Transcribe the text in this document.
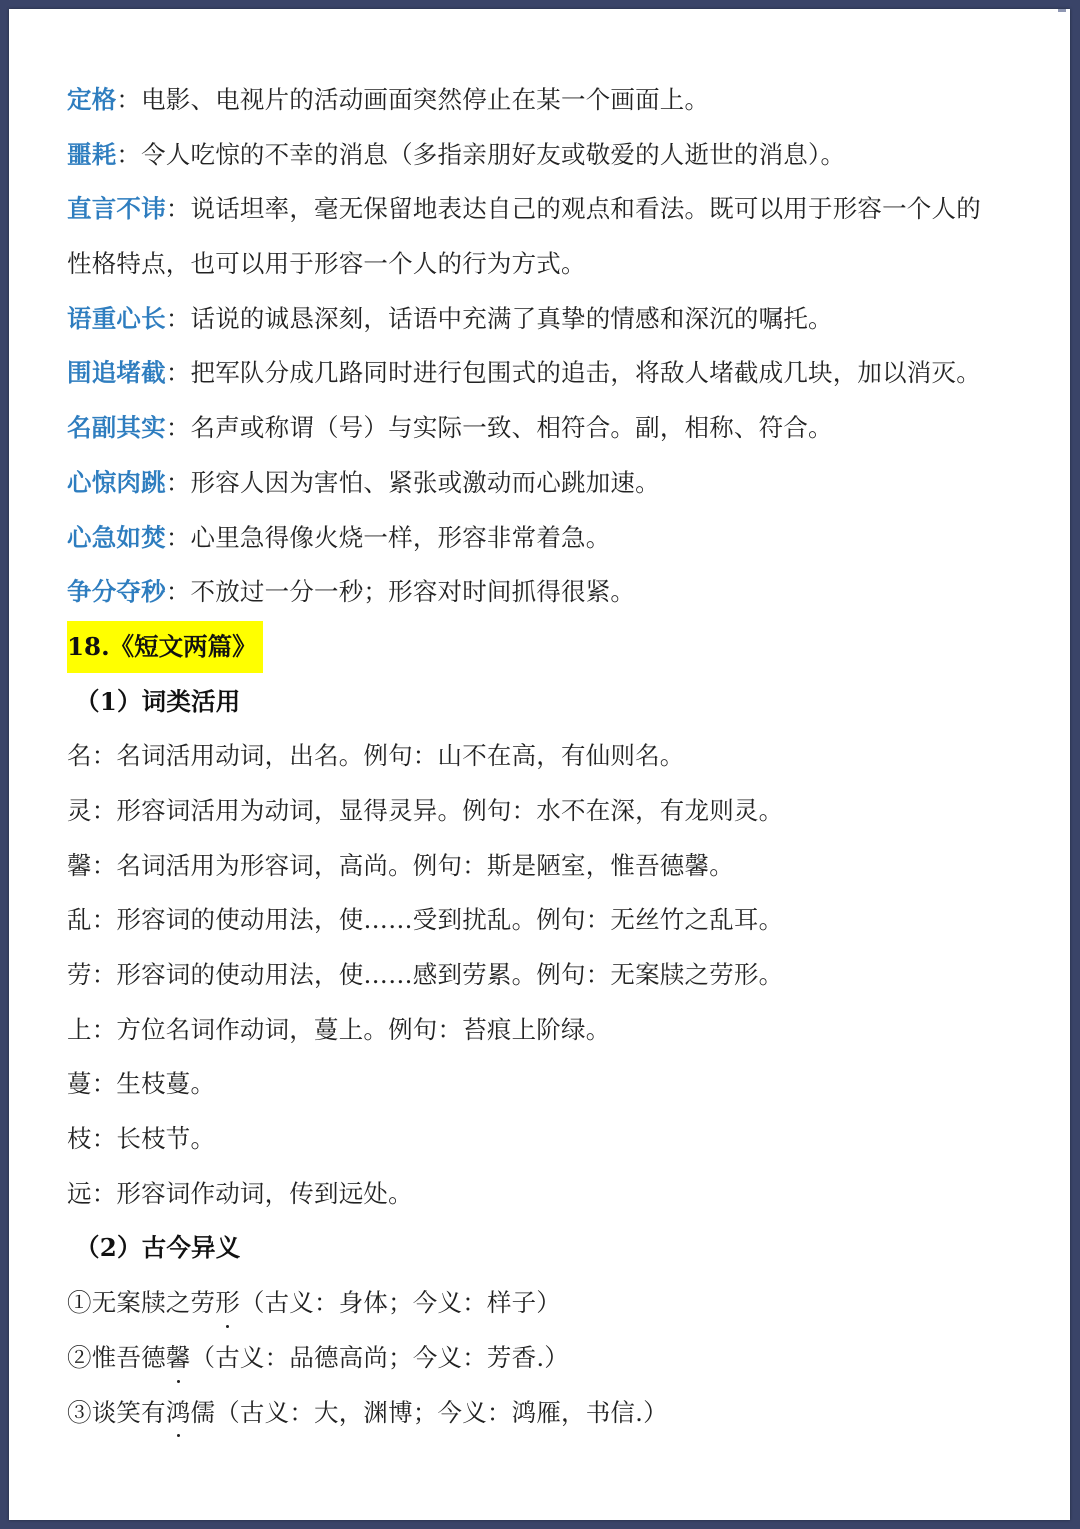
定格：电影、电视片的活动画面突然停止在某一个画面上。
噩耗：令人吃惊的不幸的消息（多指亲朋好友或敬爱的人逝世的消息）。
直言不讳：说话坦率，毫无保留地表达自己的观点和看法。既可以用于形容一个人的
性格特点，也可以用于形容一个人的行为方式。
语重心长：话说的诚恳深刻，话语中充满了真挚的情感和深沉的嘱托。
围追堵截：把军队分成几路同时进行包围式的追击，将敌人堵截成几块，加以消灭。
名副其实：名声或称谓（号）与实际一致、相符合。副，相称、符合。
心惊肉跳：形容人因为害怕、紧张或激动而心跳加速。
心急如焚：心里急得像火烧一样，形容非常着急。
争分夺秒：不放过一分一秒；形容对时间抓得很紧。
18.《短文两篇》
（1）词类活用
名：名词活用动词，出名。例句：山不在高，有仙则名。
灵：形容词活用为动词，显得灵异。例句：水不在深，有龙则灵。
馨：名词活用为形容词，高尚。例句：斯是陋室，惟吾德馨。
乱：形容词的使动用法，使……受到扰乱。例句：无丝竹之乱耳。
劳：形容词的使动用法，使……感到劳累。例句：无案牍之劳形。
上：方位名词作动词，蔓上。例句：苔痕上阶绿。
蔓：生枝蔓。
枝：长枝节。
远：形容词作动词，传到远处。
（2）古今异义
①无案牍之劳形（古义：身体；今义：样子）
②惟吾德馨（古义：品德高尚；今义：芳香.）
③谈笑有鸿儒（古义：大，渊博；今义：鸿雁，书信.）
